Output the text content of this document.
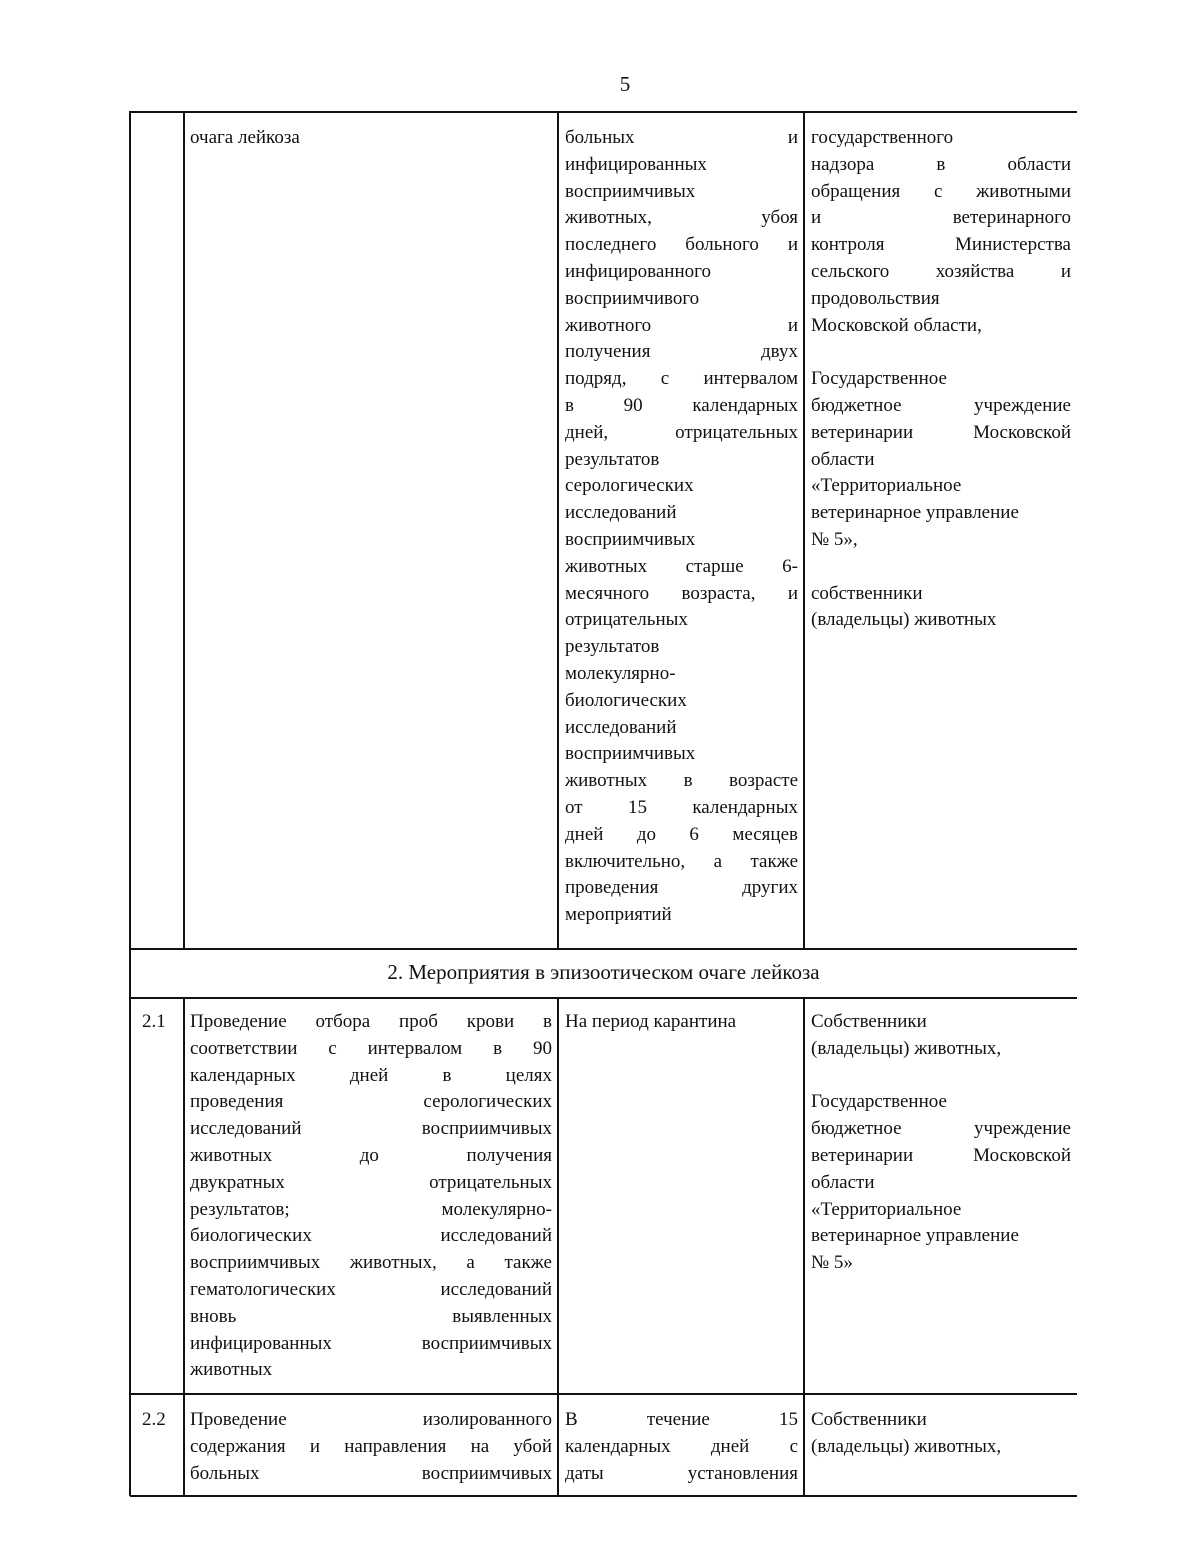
5
очага лейкоза	больных и
инфицированных
восприимчивых
животных, убоя
последнего больного и
инфицированного
восприимчивого
животного и
получения двух
подряд, с интервалом
в 90 календарных
дней, отрицательных
результатов
серологических
исследований
восприимчивых
животных старше 6-
месячного возраста, и
отрицательных
результатов
молекулярно-
биологических
исследований
восприимчивых
животных в возрасте
от 15 календарных
дней до 6 месяцев
включительно, а также
проведения других
мероприятий
государственного
надзора в области
обращения с животными
и ветеринарного
контроля Министерства
сельского хозяйства и
продовольствия
Московской области,
Государственное
бюджетное учреждение
ветеринарии Московской
области
«Территориальное
ветеринарное управление
№ 5»,
собственники
(владельцы) животных
2. Мероприятия в эпизоотическом очаге лейкоза
2.1 Проведение отбора проб крови в
соответствии с интервалом в 90
календарных дней в целях
проведения серологических
исследований восприимчивых
животных до получения
двукратных отрицательных
результатов; молекулярно-
биологических исследований
восприимчивых животных, а также
гематологических исследований
вновь выявленных
инфицированных восприимчивых
животных
На период карантина	Собственники
(владельцы) животных,
Государственное
бюджетное учреждение
ветеринарии Московской
области
«Территориальное
ветеринарное управление
№ 5»
2.2 Проведение изолированного
содержания и направления на убой
больных восприимчивых
В течение 15
календарных дней с
даты установления
Собственники
(владельцы) животных,
